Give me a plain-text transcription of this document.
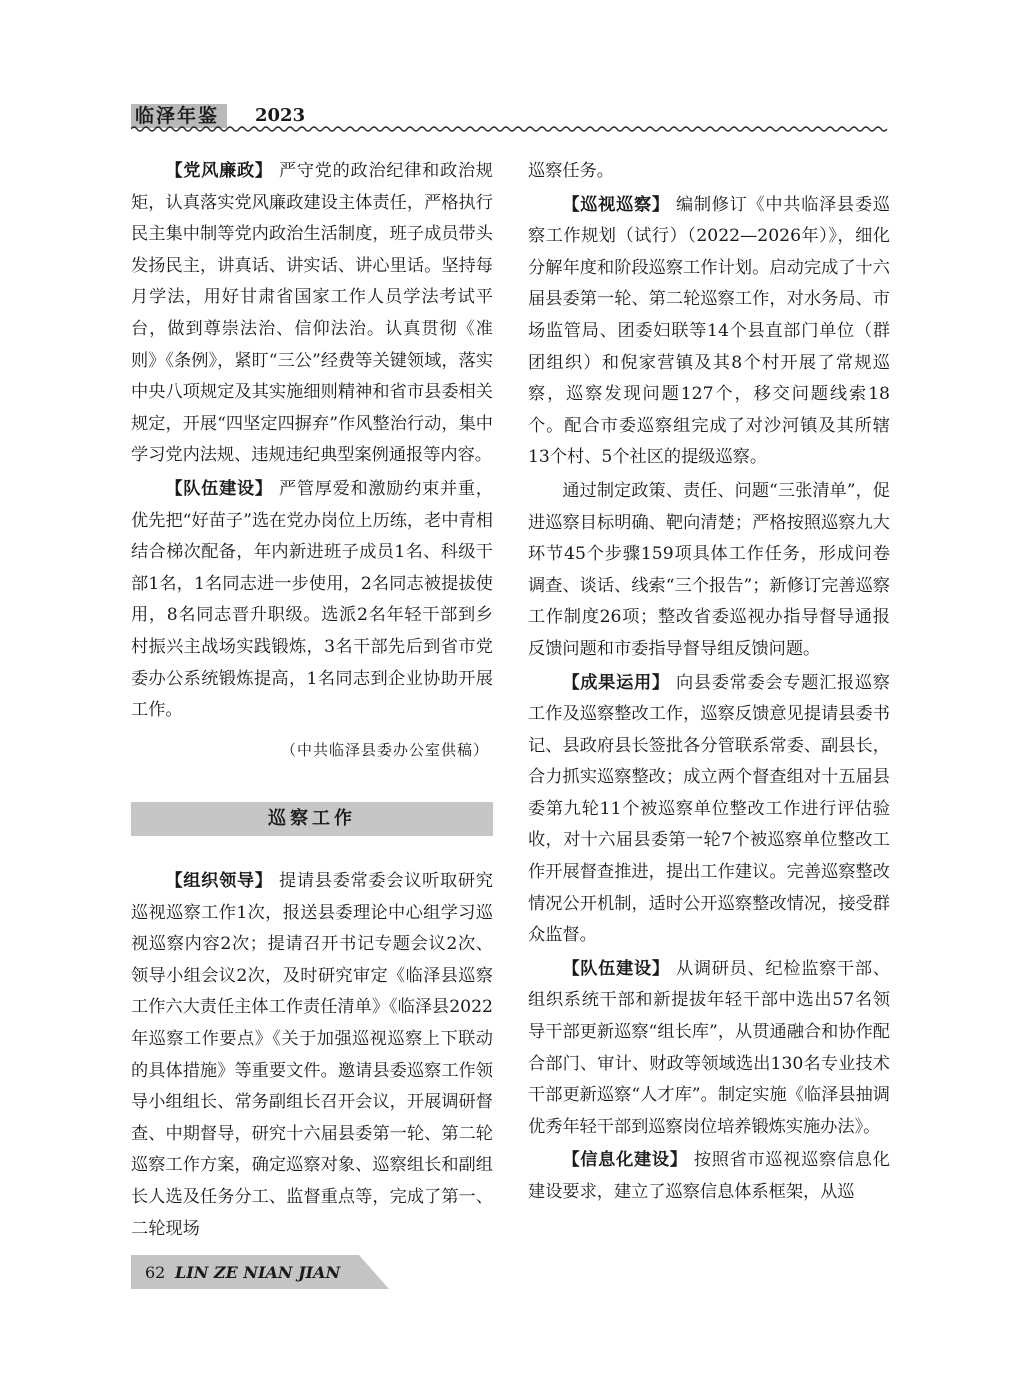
临泽年鉴	2023

【党风廉政】 严守党的政治纪律和政治规矩，认真落实党风廉政建设主体责任，严格执行民主集中制等党内政治生活制度，班子成员带头发扬民主，讲真话、讲实话、讲心里话。坚持每月学法，用好甘肃省国家工作人员学法考试平台，做到尊崇法治、信仰法治。认真贯彻《准则》《条例》，紧盯“三公”经费等关键领域，落实中央八项规定及其实施细则精神和省市县委相关规定，开展“四坚定四摒弃”作风整治行动，集中学习党内法规、违规违纪典型案例通报等内容。

【队伍建设】 严管厚爱和激励约束并重，优先把“好苗子”选在党办岗位上历练，老中青相结合梯次配备，年内新进班子成员1名、科级干部1名，1名同志进一步使用，2名同志被提拔使用，8名同志晋升职级。选派2名年轻干部到乡村振兴主战场实践锻炼，3名干部先后到省市党委办公系统锻炼提高，1名同志到企业协助开展工作。

（中共临泽县委办公室供稿）

巡察工作

【组织领导】 提请县委常委会议听取研究巡视巡察工作1次，报送县委理论中心组学习巡视巡察内容2次；提请召开书记专题会议2次、领导小组会议2次，及时研究审定《临泽县巡察工作六大责任主体工作责任清单》《临泽县2022年巡察工作要点》《关于加强巡视巡察上下联动的具体措施》等重要文件。邀请县委巡察工作领导小组组长、常务副组长召开会议，开展调研督查、中期督导，研究十六届县委第一轮、第二轮巡察工作方案，确定巡察对象、巡察组长和副组长人选及任务分工、监督重点等，完成了第一、二轮现场

巡察任务。

【巡视巡察】 编制修订《中共临泽县委巡察工作规划（试行）（2022—2026年）》，细化分解年度和阶段巡察工作计划。启动完成了十六届县委第一轮、第二轮巡察工作，对水务局、市场监管局、团委妇联等14个县直部门单位（群团组织）和倪家营镇及其8个村开展了常规巡察，巡察发现问题127个，移交问题线索18个。配合市委巡察组完成了对沙河镇及其所辖13个村、5个社区的提级巡察。

通过制定政策、责任、问题“三张清单”，促进巡察目标明确、靶向清楚；严格按照巡察九大环节45个步骤159项具体工作任务，形成问卷调查、谈话、线索“三个报告”；新修订完善巡察工作制度26项；整改省委巡视办指导督导通报反馈问题和市委指导督导组反馈问题。

【成果运用】 向县委常委会专题汇报巡察工作及巡察整改工作，巡察反馈意见提请县委书记、县政府县长签批各分管联系常委、副县长，合力抓实巡察整改；成立两个督查组对十五届县委第九轮11个被巡察单位整改工作进行评估验收，对十六届县委第一轮7个被巡察单位整改工作开展督查推进，提出工作建议。完善巡察整改情况公开机制，适时公开巡察整改情况，接受群众监督。

【队伍建设】 从调研员、纪检监察干部、组织系统干部和新提拔年轻干部中选出57名领导干部更新巡察“组长库”，从贯通融合和协作配合部门、审计、财政等领域选出130名专业技术干部更新巡察“人才库”。制定实施《临泽县抽调优秀年轻干部到巡察岗位培养锻炼实施办法》。

【信息化建设】 按照省市巡视巡察信息化建设要求，建立了巡察信息体系框架，从巡

62 LIN ZE NIAN JIAN
